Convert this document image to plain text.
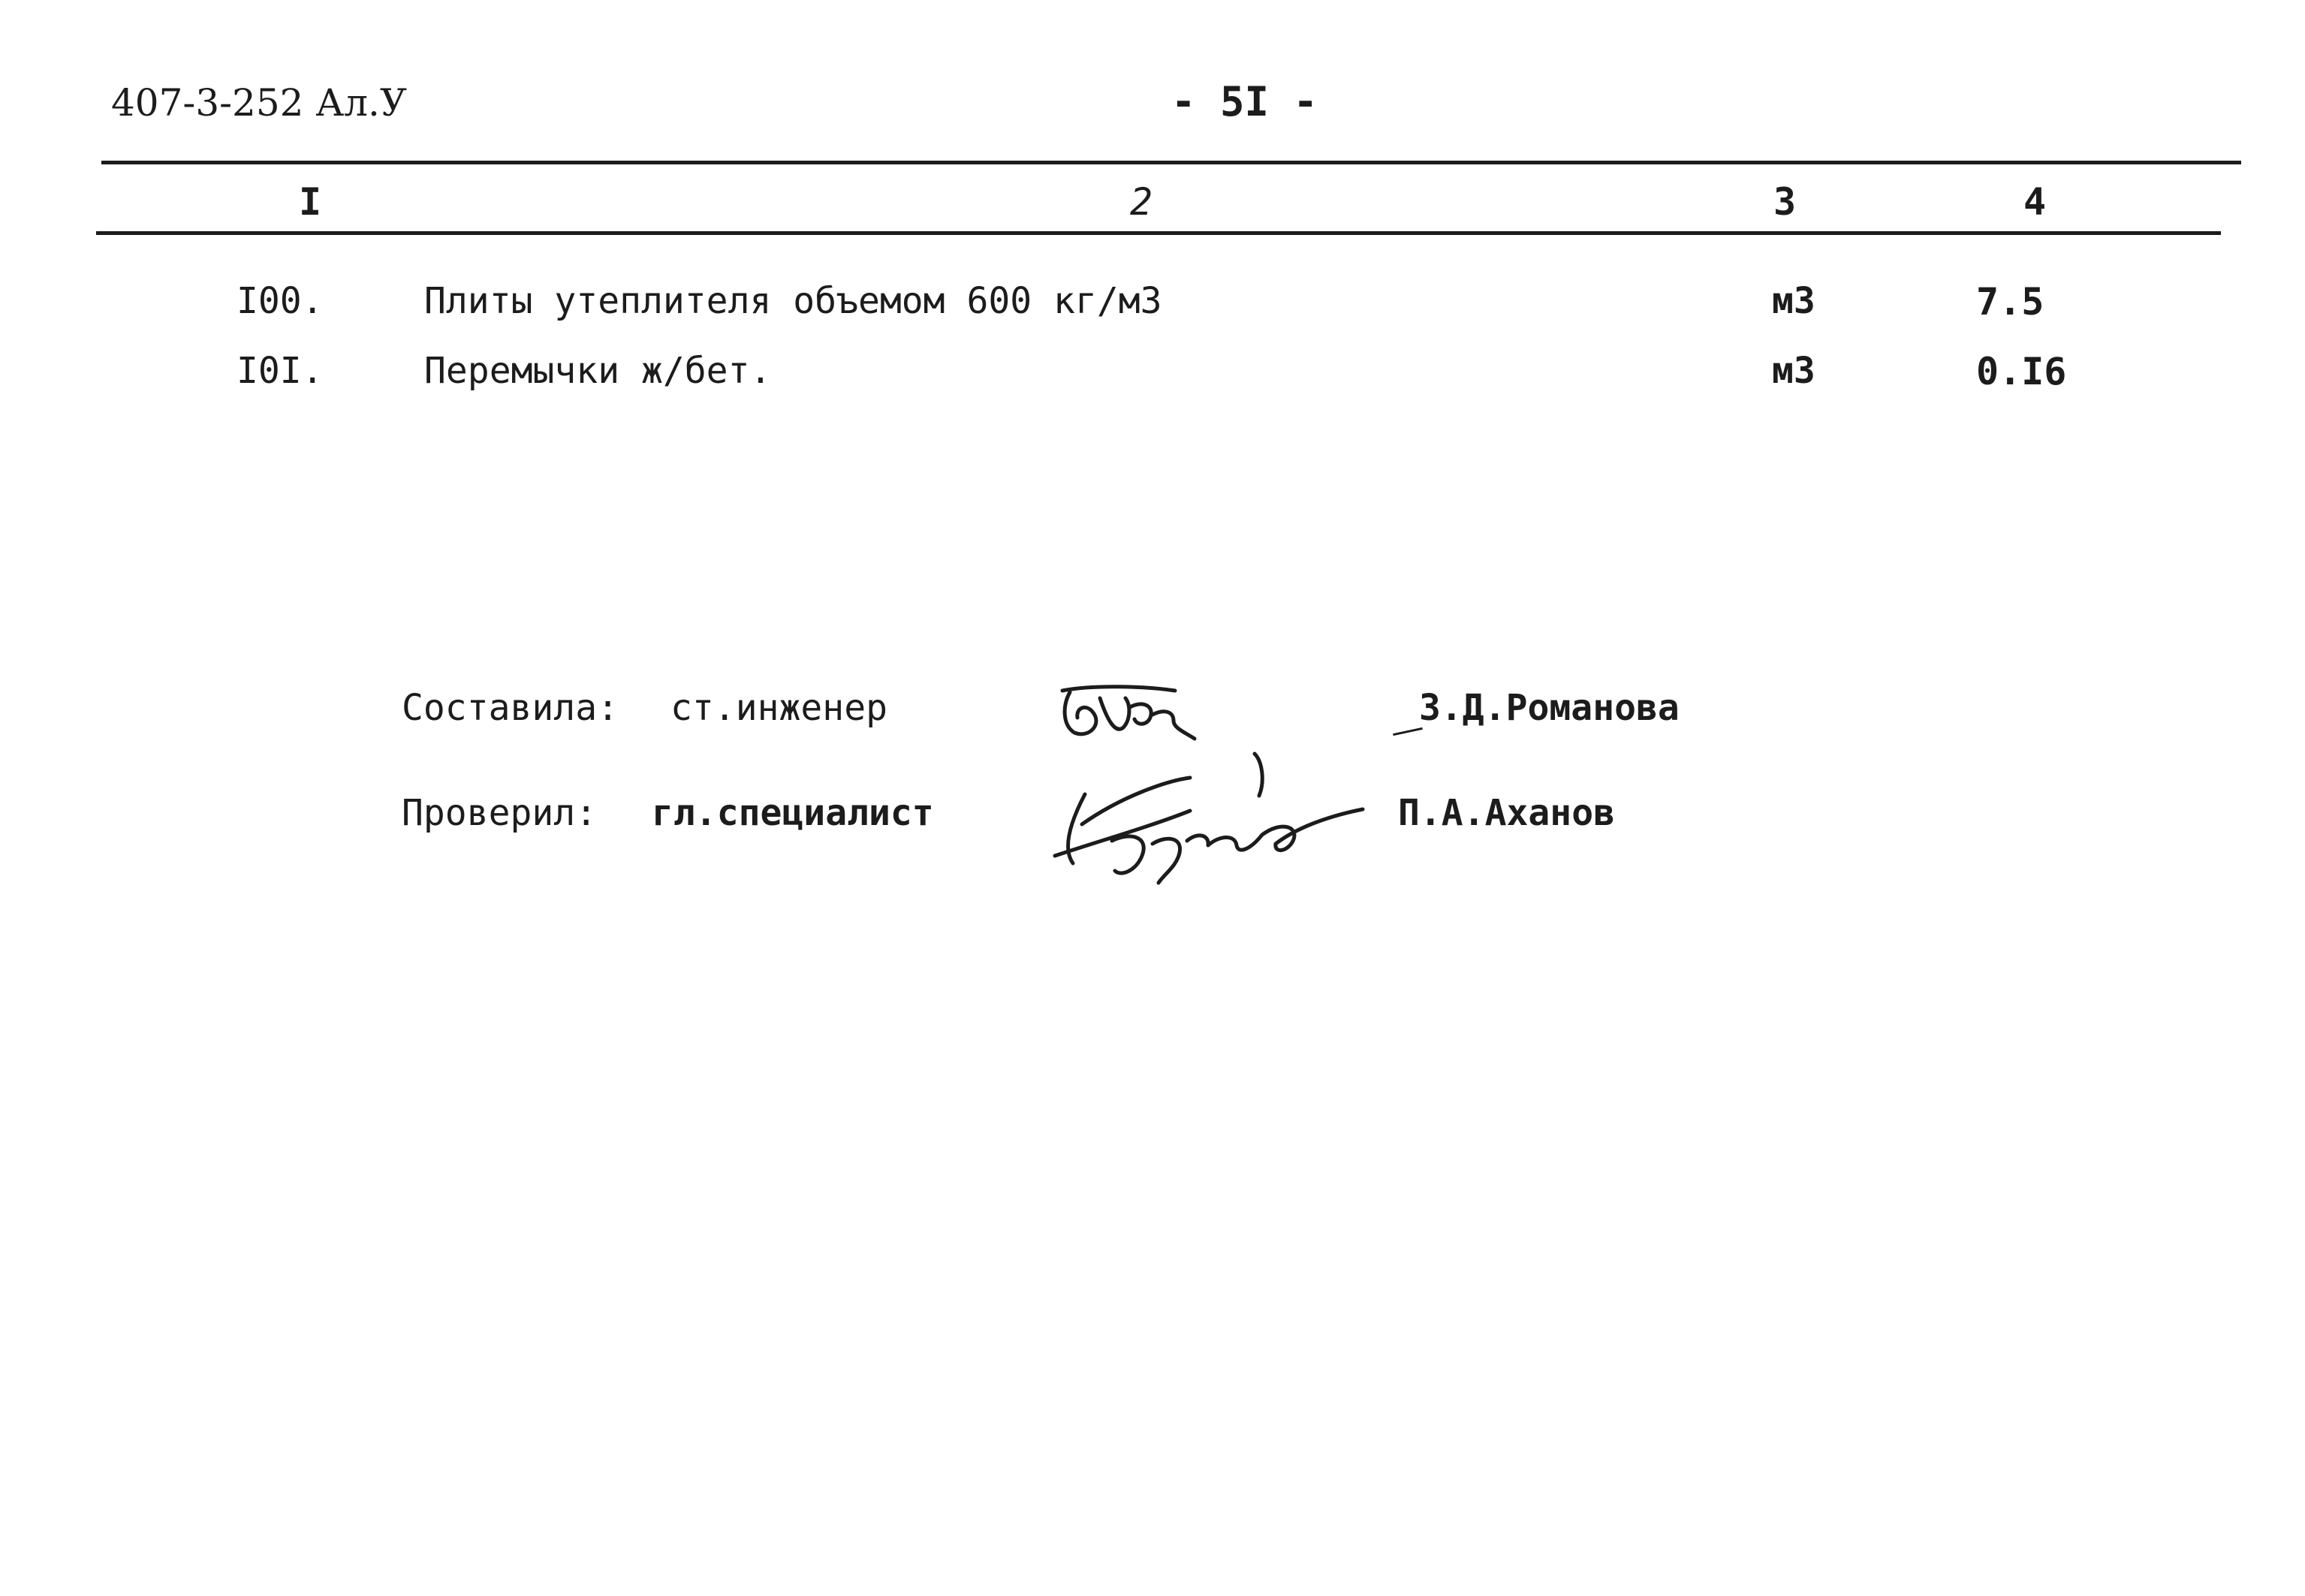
407-3-252 Ал.У	- 5I -
I	2	3	4
I00.	Плиты утеплителя объемом 600 кг/м3	м3	7.5
I0I.	Перемычки ж/бет.	м3	0.I6
Составила: ст.инженер	З.Д.Романова
Проверил: гл.специалист	П.А.Аханов
